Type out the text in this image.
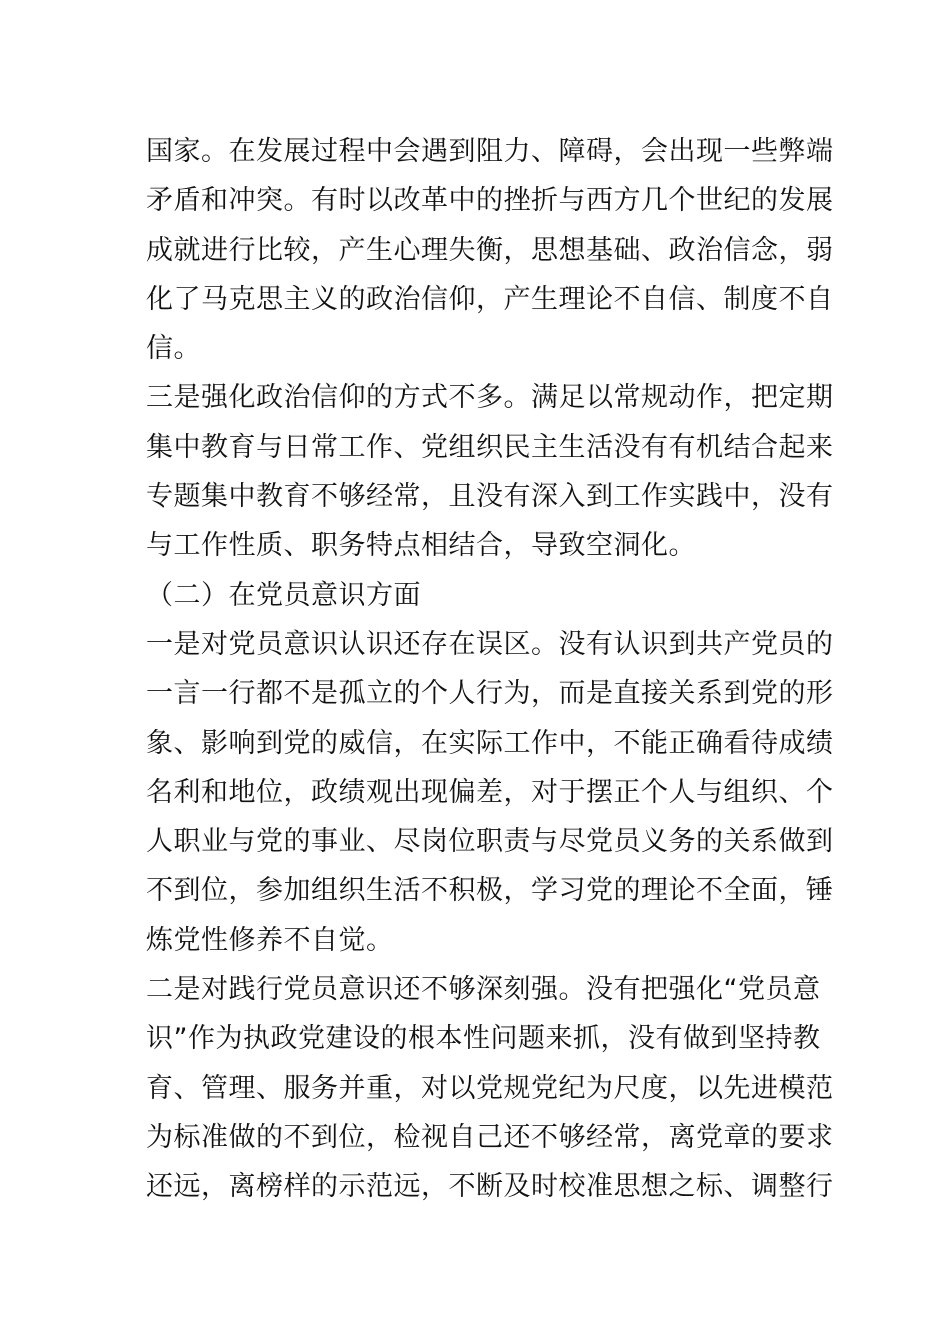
国家。在发展过程中会遇到阻力、障碍，会出现一些弊端
矛盾和冲突。有时以改革中的挫折与西方几个世纪的发展
成就进行比较，产生心理失衡，思想基础、政治信念，弱
化了马克思主义的政治信仰，产生理论不自信、制度不自
信。
三是强化政治信仰的方式不多。满足以常规动作，把定期
集中教育与日常工作、党组织民主生活没有有机结合起来
专题集中教育不够经常，且没有深入到工作实践中，没有
与工作性质、职务特点相结合，导致空洞化。
（二）在党员意识方面
一是对党员意识认识还存在误区。没有认识到共产党员的
一言一行都不是孤立的个人行为，而是直接关系到党的形
象、影响到党的威信，在实际工作中，不能正确看待成绩
名利和地位，政绩观出现偏差，对于摆正个人与组织、个
人职业与党的事业、尽岗位职责与尽党员义务的关系做到
不到位，参加组织生活不积极，学习党的理论不全面，锤
炼党性修养不自觉。
二是对践行党员意识还不够深刻强。没有把强化“党员意
识”作为执政党建设的根本性问题来抓，没有做到坚持教
育、管理、服务并重，对以党规党纪为尺度，以先进模范
为标准做的不到位，检视自己还不够经常，离党章的要求
还远，离榜样的示范远，不断及时校准思想之标、调整行
